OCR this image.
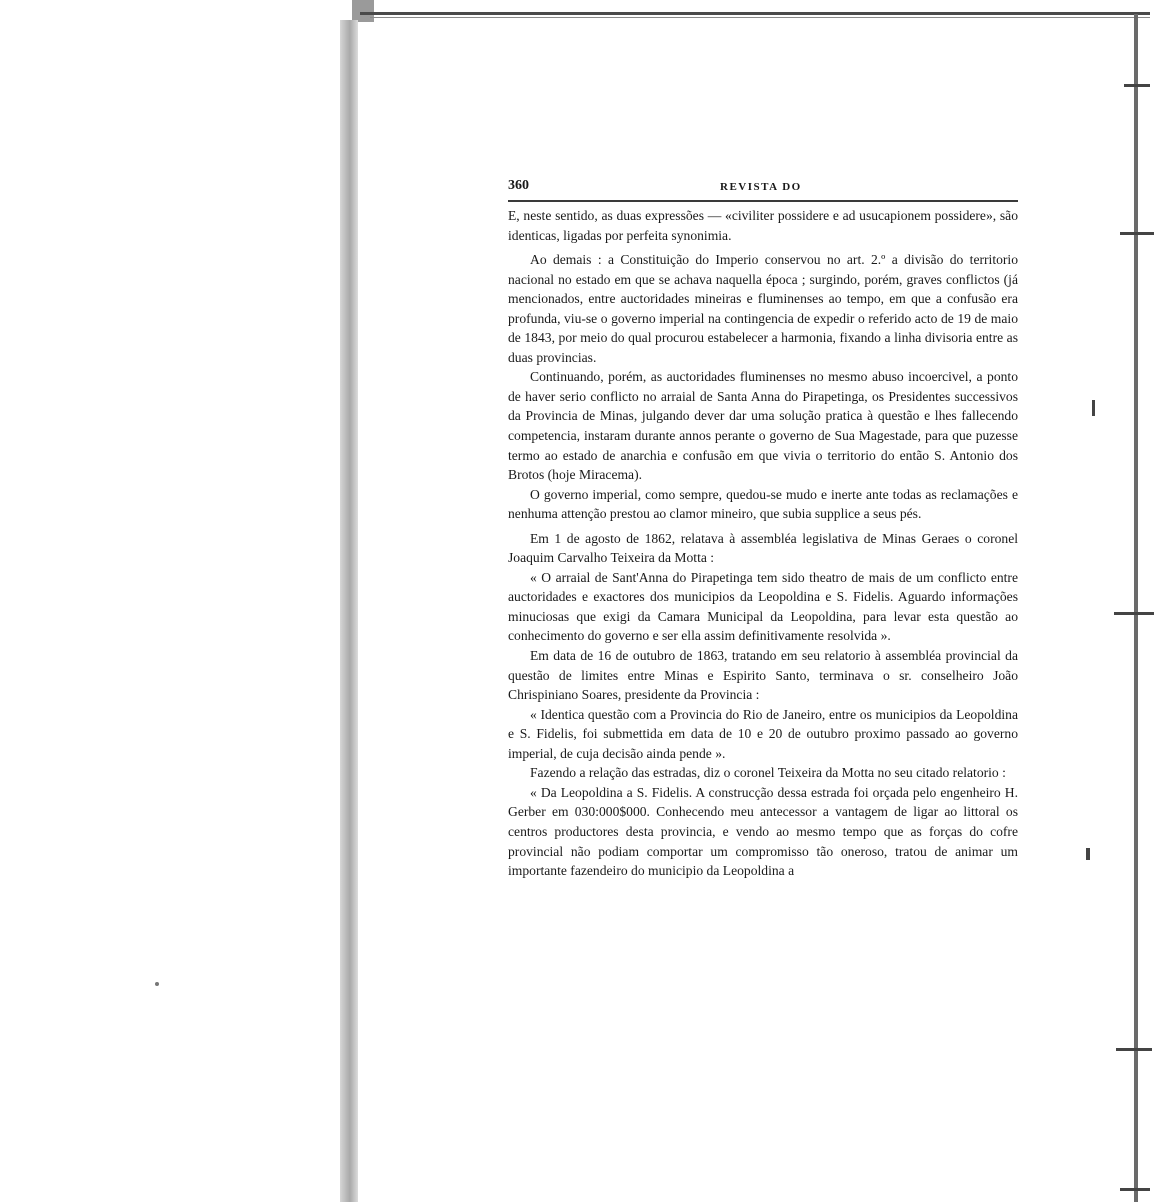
360	REVISTA DO

E, neste sentido, as duas expressões — «civiliter possidere e ad usucapionem possidere», são identicas, ligadas por perfeita synonimia.

Ao demais : a Constituição do Imperio conservou no art. 2.º a divisão do territorio nacional no estado em que se achava naquella época ; surgindo, porém, graves conflictos (já mencionados, entre auctoridades mineiras e fluminenses ao tempo, em que a confusão era profunda, viu-se o governo imperial na contingencia de expedir o referido acto de 19 de maio de 1843, por meio do qual procurou estabelecer a harmonia, fixando a linha divisoria entre as duas provincias.

Continuando, porém, as auctoridades fluminenses no mesmo abuso incoercivel, a ponto de haver serio conflicto no arraial de Santa Anna do Pirapetinga, os Presidentes successivos da Provincia de Minas, julgando dever dar uma solução pratica à questão e lhes fallecendo competencia, instaram durante annos perante o governo de Sua Magestade, para que puzesse termo ao estado de anarchia e confusão em que vivia o territorio do então S. Antonio dos Brotos (hoje Miracema).

O governo imperial, como sempre, quedou-se mudo e inerte ante todas as reclamações e nenhuma attenção prestou ao clamor mineiro, que subia supplice a seus pés.

Em 1 de agosto de 1862, relatava à assembléa legislativa de Minas Geraes o coronel Joaquim Carvalho Teixeira da Motta :

« O arraial de Sant'Anna do Pirapetinga tem sido theatro de mais de um conflicto entre auctoridades e exactores dos municipios da Leopoldina e S. Fidelis. Aguardo informações minuciosas que exigi da Camara Municipal da Leopoldina, para levar esta questão ao conhecimento do governo e ser ella assim definitivamente resolvida ».

Em data de 16 de outubro de 1863, tratando em seu relatorio à assembléa provincial da questão de limites entre Minas e Espirito Santo, terminava o sr. conselheiro João Chrispiniano Soares, presidente da Provincia :

« Identica questão com a Provincia do Rio de Janeiro, entre os municipios da Leopoldina e S. Fidelis, foi submettida em data de 10 e 20 de outubro proximo passado ao governo imperial, de cuja decisão ainda pende ».

Fazendo a relação das estradas, diz o coronel Teixeira da Motta no seu citado relatorio :

« Da Leopoldina a S. Fidelis. A construcção dessa estrada foi orçada pelo engenheiro H. Gerber em 030:000$000. Conhecendo meu antecessor a vantagem de ligar ao littoral os centros productores desta provincia, e vendo ao mesmo tempo que as forças do cofre provincial não podiam comportar um compromisso tão oneroso, tratou de animar um importante fazendeiro do municipio da Leopoldina a
